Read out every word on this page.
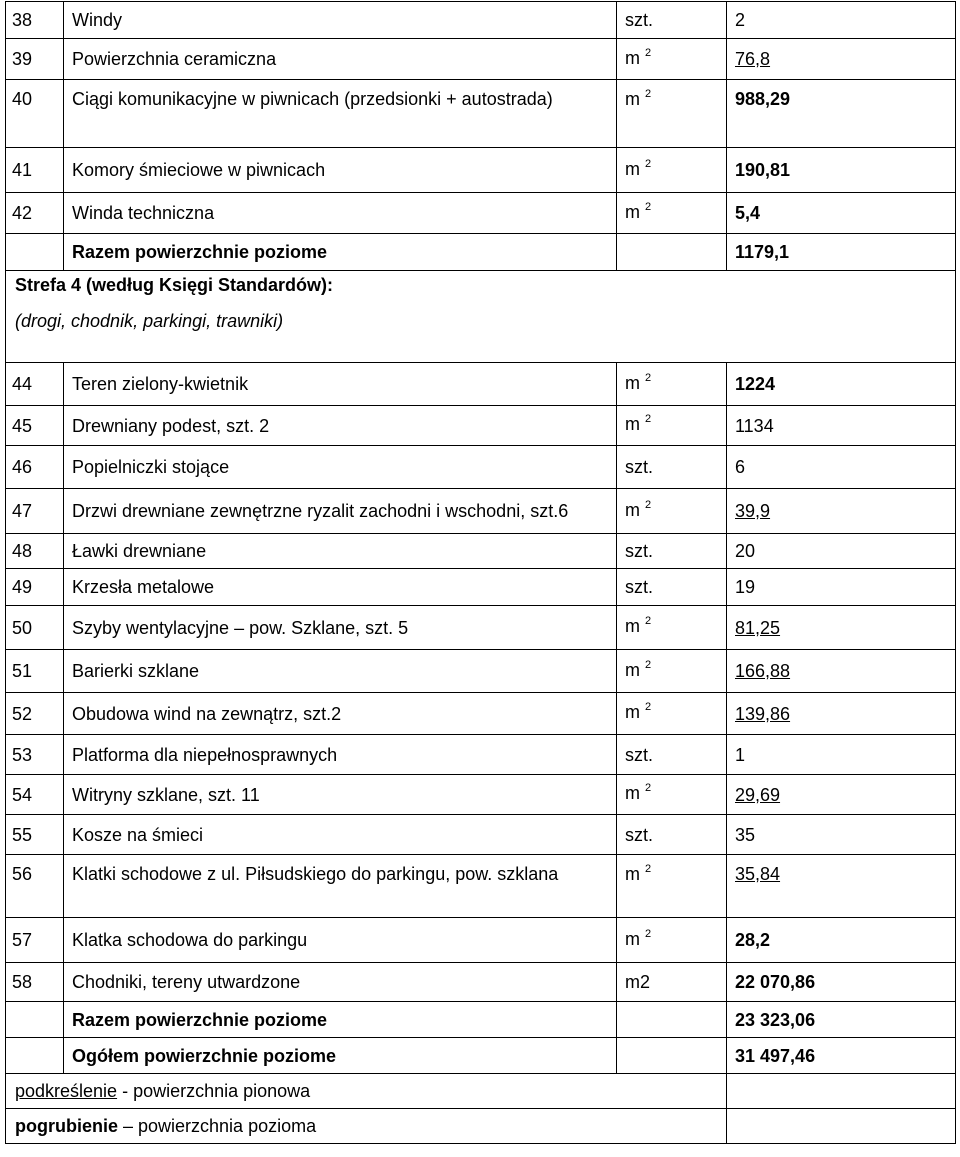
38	Windy	szt.	2
39	Powierzchnia ceramiczna	m $^2$	76,8
40	Ciągi komunikacyjne w piwnicach (przedsionki + autostrada)	m $^2$	988,29
41	Komory śmieciowe w piwnicach	m $^2$	190,81
42	Winda techniczna	m $^2$	5,4
	Razem powierzchnie poziome		1179,1

Strefa 4 (według Księgi Standardów):
(drogi, chodnik, parkingi, trawniki)			

44	Teren zielony-kwietnik	m $^2$	1224
45	Drewniany podest, szt. 2	m $^2$	1134
46	Popielniczki stojące	szt.	6
47	Drzwi drewniane zewnętrzne ryzalit zachodni i wschodni, szt.6	m $^2$	39,9
48	Ławki drewniane	szt.	20
49	Krzesła metalowe	szt.	19
50	Szyby wentylacyjne – pow. Szklane, szt. 5	m $^2$	81,25
51	Barierki szklane	m $^2$	166,88
52	Obudowa wind na zewnątrz, szt.2	m $^2$	139,86
53	Platforma dla niepełnosprawnych	szt.	1
54	Witryny szklane, szt. 11	m $^2$	29,69
55	Kosze na śmieci	szt.	35
56	Klatki schodowe z ul. Piłsudskiego do parkingu, pow. szklana	m $^2$	35,84
57	Klatka schodowa do parkingu	m $^2$	28,2
58	Chodniki, tereny utwardzone	m2	22 070,86
	Razem powierzchnie poziome		23 323,06
	Ogółem powierzchnie poziome		31 497,46
podkreślenie - powierzchnia pionowa			
pogrubienie – powierzchnia pozioma			
